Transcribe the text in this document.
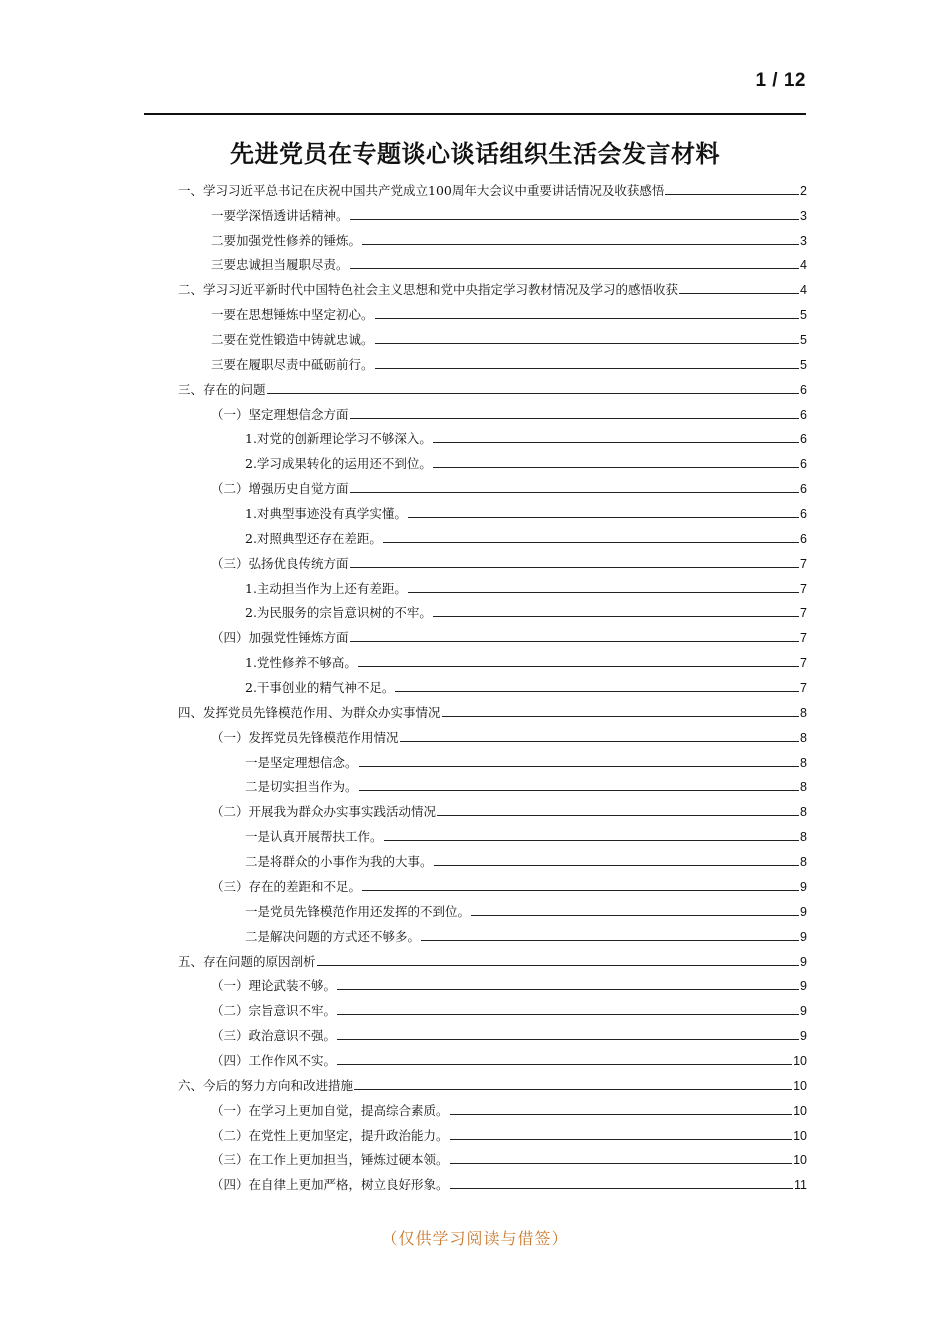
1 / 12
先进党员在专题谈心谈话组织生活会发言材料
一、学习习近平总书记在庆祝中国共产党成立100周年大会议中重要讲话情况及收获感悟	2
一要学深悟透讲话精神。	3
二要加强党性修养的锤炼。	3
三要忠诚担当履职尽责。	4
二、学习习近平新时代中国特色社会主义思想和党中央指定学习教材情况及学习的感悟收获	4
一要在思想锤炼中坚定初心。	5
二要在党性锻造中铸就忠诚。	5
三要在履职尽责中砥砺前行。	5
三、存在的问题	6
（一）坚定理想信念方面	6
1.对党的创新理论学习不够深入。	6
2.学习成果转化的运用还不到位。	6
（二）增强历史自觉方面	6
1.对典型事迹没有真学实懂。	6
2.对照典型还存在差距。	6
（三）弘扬优良传统方面	7
1.主动担当作为上还有差距。	7
2.为民服务的宗旨意识树的不牢。	7
（四）加强党性锤炼方面	7
1.党性修养不够高。	7
2.干事创业的精气神不足。	7
四、发挥党员先锋模范作用、为群众办实事情况	8
（一）发挥党员先锋模范作用情况	8
一是坚定理想信念。	8
二是切实担当作为。	8
（二）开展我为群众办实事实践活动情况	8
一是认真开展帮扶工作。	8
二是将群众的小事作为我的大事。	8
（三）存在的差距和不足。	9
一是党员先锋模范作用还发挥的不到位。	9
二是解决问题的方式还不够多。	9
五、存在问题的原因剖析	9
（一）理论武装不够。	9
（二）宗旨意识不牢。	9
（三）政治意识不强。	9
（四）工作作风不实。	10
六、今后的努力方向和改进措施	10
（一）在学习上更加自觉，提高综合素质。	10
（二）在党性上更加坚定，提升政治能力。	10
（三）在工作上更加担当，锤炼过硬本领。	10
（四）在自律上更加严格，树立良好形象。	11
（仅供学习阅读与借签）
